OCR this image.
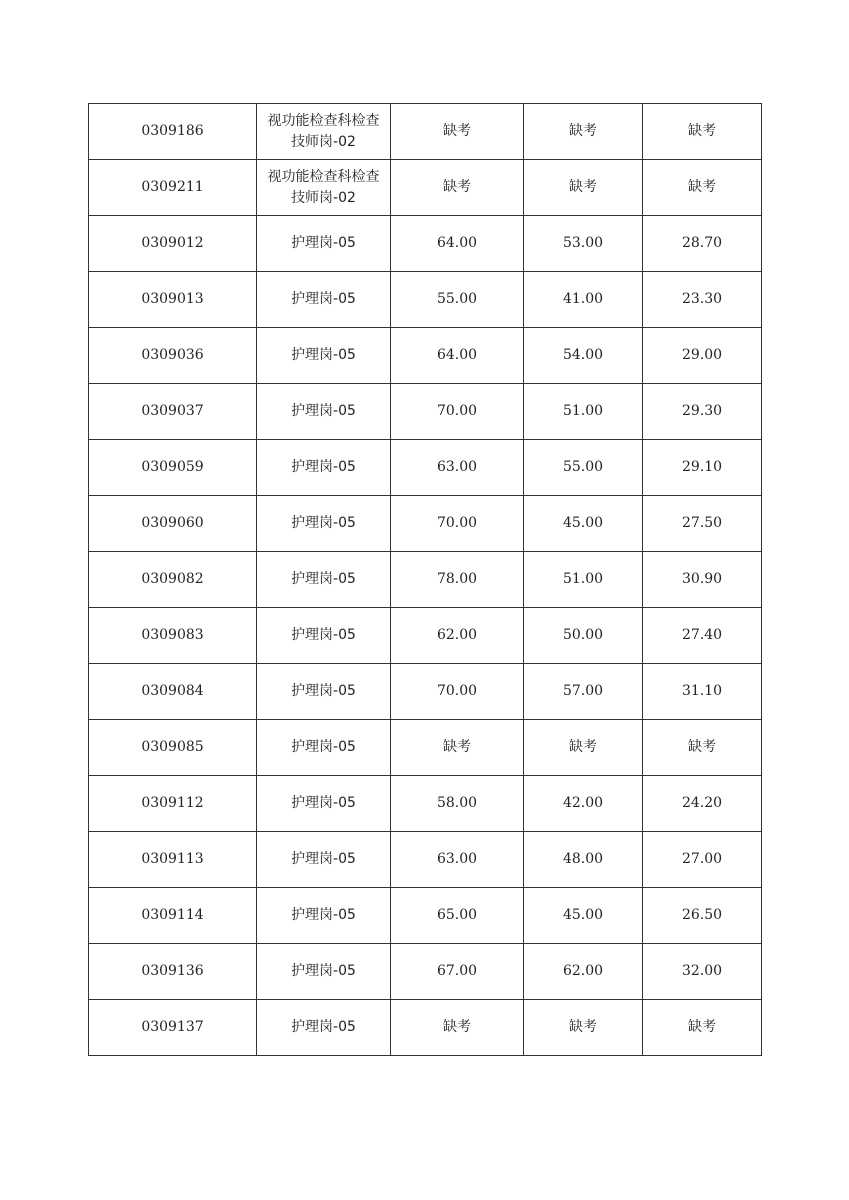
0309186	视功能检查科检查技师岗-02	缺考	缺考	缺考
0309211	视功能检查科检查技师岗-02	缺考	缺考	缺考
0309012	护理岗-05	64.00	53.00	28.70
0309013	护理岗-05	55.00	41.00	23.30
0309036	护理岗-05	64.00	54.00	29.00
0309037	护理岗-05	70.00	51.00	29.30
0309059	护理岗-05	63.00	55.00	29.10
0309060	护理岗-05	70.00	45.00	27.50
0309082	护理岗-05	78.00	51.00	30.90
0309083	护理岗-05	62.00	50.00	27.40
0309084	护理岗-05	70.00	57.00	31.10
0309085	护理岗-05	缺考	缺考	缺考
0309112	护理岗-05	58.00	42.00	24.20
0309113	护理岗-05	63.00	48.00	27.00
0309114	护理岗-05	65.00	45.00	26.50
0309136	护理岗-05	67.00	62.00	32.00
0309137	护理岗-05	缺考	缺考	缺考
